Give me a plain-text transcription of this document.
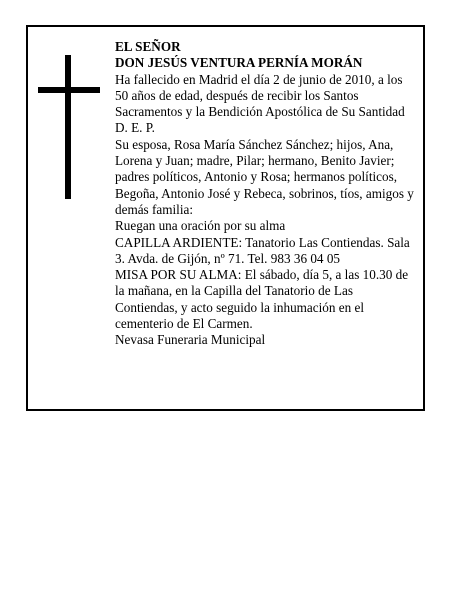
EL SEÑOR

DON JESÚS VENTURA PERNÍA MORÁN

Ha fallecido en Madrid el día 2 de junio de 2010, a los 50 años de edad, después de recibir los Santos Sacramentos y la Bendición Apostólica de Su Santidad

D. E. P.

Su esposa, Rosa María Sánchez Sánchez; hijos, Ana, Lorena y Juan; madre, Pilar; hermano, Benito Javier; padres políticos, Antonio y Rosa; hermanos políticos, Begoña, Antonio José y Rebeca, sobrinos, tíos, amigos y demás familia:

Ruegan una oración por su alma

CAPILLA ARDIENTE: Tanatorio Las Contiendas. Sala 3. Avda. de Gijón, nº 71. Tel. 983 36 04 05

MISA POR SU ALMA: El sábado, día 5, a las 10.30 de la mañana, en la Capilla del Tanatorio de Las Contiendas, y acto seguido la inhumación en el cementerio de El Carmen.

Nevasa Funeraria Municipal
